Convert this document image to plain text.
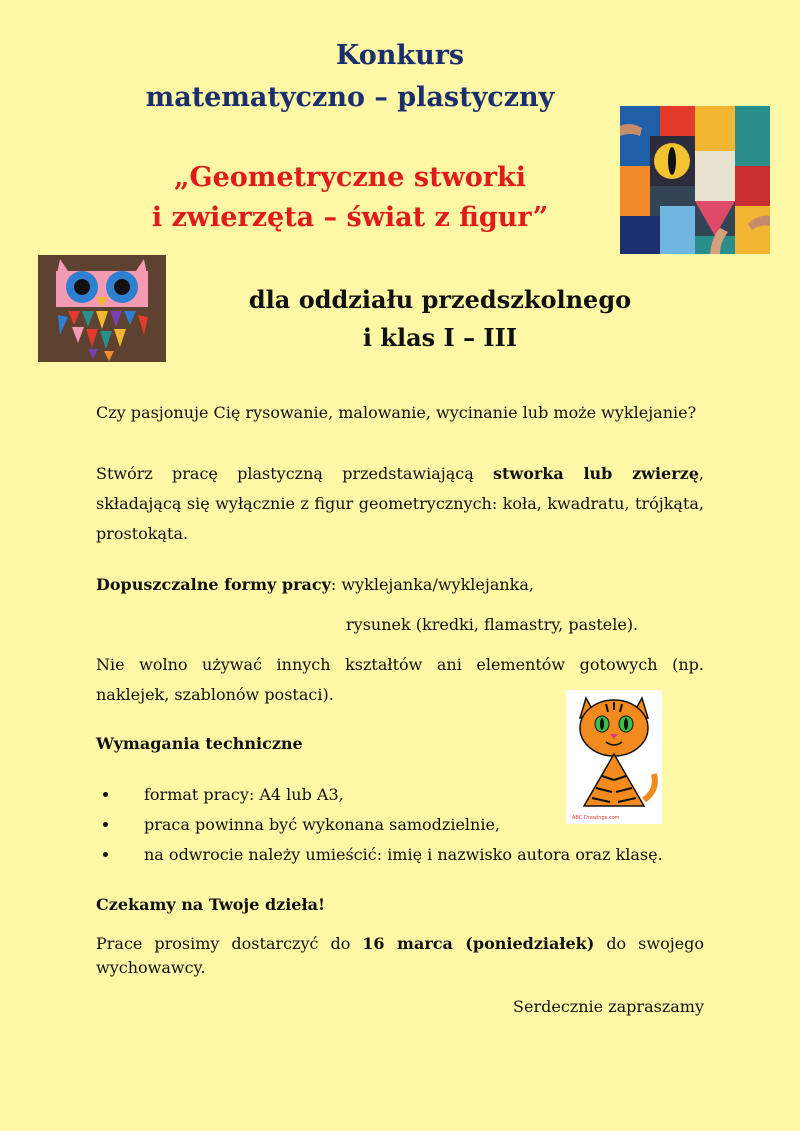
Konkurs
matematyczno – plastyczny
„Geometryczne stworki
i zwierzęta – świat z figur”
dla oddziału przedszkolnego
i klas I – III
Czy pasjonuje Cię rysowanie, malowanie, wycinanie lub może wyklejanie?
Stwórz pracę plastyczną przedstawiającą stworka lub zwierzę, składającą się wyłącznie z figur geometrycznych: koła, kwadratu, trójkąta, prostokąta.
Dopuszczalne formy pracy: wyklejanka/wyklejanka,
rysunek (kredki, flamastry, pastele).
Nie wolno używać innych kształtów ani elementów gotowych (np. naklejek, szablonów postaci).
ABC Drawings.com
Wymagania techniczne
• format pracy: A4 lub A3,
• praca powinna być wykonana samodzielnie,
• na odwrocie należy umieścić: imię i nazwisko autora oraz klasę.
Czekamy na Twoje dzieła!
Prace prosimy dostarczyć do 16 marca (poniedziałek) do swojego wychowawcy.
Serdecznie zapraszamy
